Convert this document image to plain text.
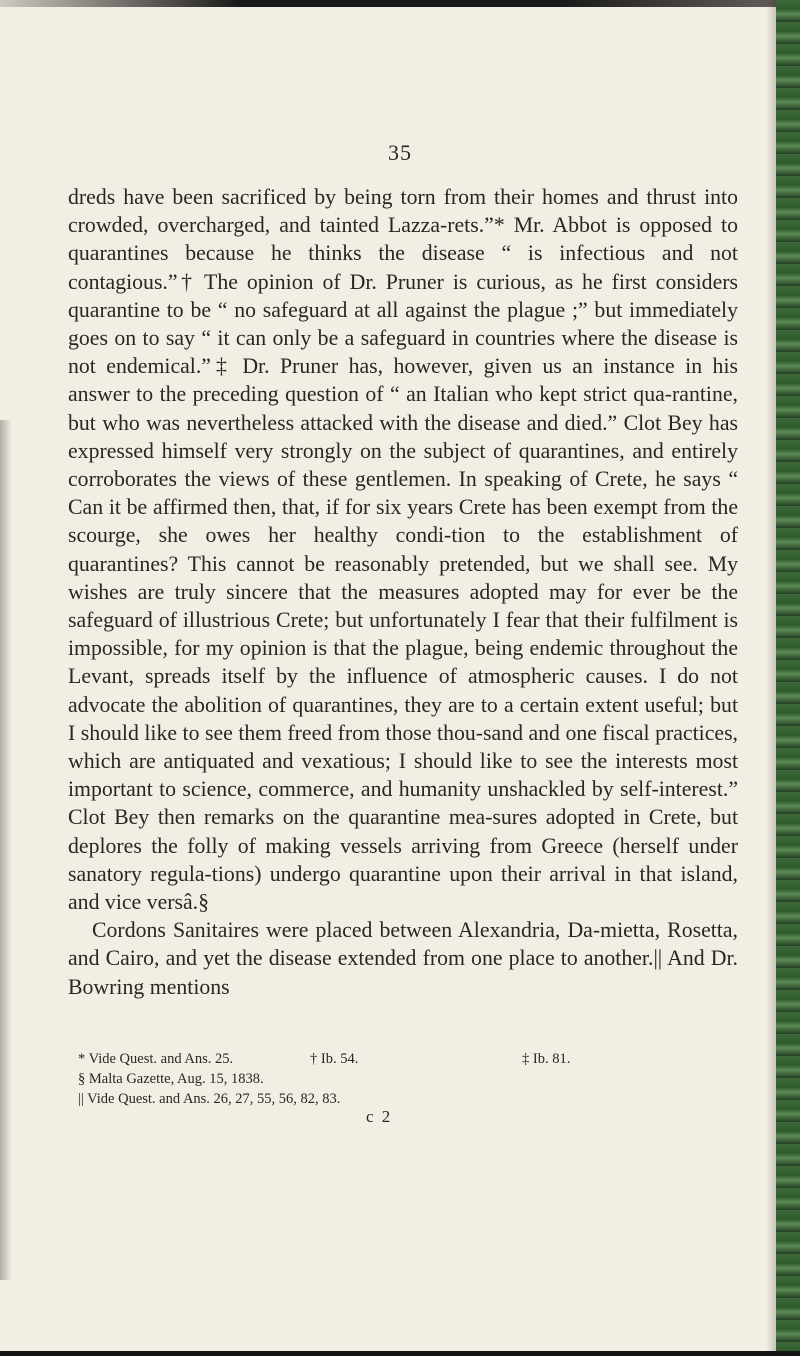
35

dreds have been sacrificed by being torn from their homes and thrust into crowded, overcharged, and tainted Lazza-rets.”* Mr. Abbot is opposed to quarantines because he thinks the disease “ is infectious and not contagious.”† The opinion of Dr. Pruner is curious, as he first considers quarantine to be “ no safeguard at all against the plague ;” but immediately goes on to say “ it can only be a safeguard in countries where the disease is not endemical.”‡ Dr. Pruner has, however, given us an instance in his answer to the preceding question of “ an Italian who kept strict qua-rantine, but who was nevertheless attacked with the disease and died.” Clot Bey has expressed himself very strongly on the subject of quarantines, and entirely corroborates the views of these gentlemen. In speaking of Crete, he says “ Can it be affirmed then, that, if for six years Crete has been exempt from the scourge, she owes her healthy condi-tion to the establishment of quarantines? This cannot be reasonably pretended, but we shall see. My wishes are truly sincere that the measures adopted may for ever be the safeguard of illustrious Crete; but unfortunately I fear that their fulfilment is impossible, for my opinion is that the plague, being endemic throughout the Levant, spreads itself by the influence of atmospheric causes. I do not advocate the abolition of quarantines, they are to a certain extent useful; but I should like to see them freed from those thou-sand and one fiscal practices, which are antiquated and vexatious; I should like to see the interests most important to science, commerce, and humanity unshackled by self-interest.” Clot Bey then remarks on the quarantine mea-sures adopted in Crete, but deplores the folly of making vessels arriving from Greece (herself under sanatory regula-tions) undergo quarantine upon their arrival in that island, and vice versâ.§

Cordons Sanitaires were placed between Alexandria, Da-mietta, Rosetta, and Cairo, and yet the disease extended from one place to another.|| And Dr. Bowring mentions

* Vide Quest. and Ans. 25.	† Ib. 54.	‡ Ib. 81.
§ Malta Gazette, Aug. 15, 1838.
|| Vide Quest. and Ans. 26, 27, 55, 56, 82, 83.
c 2
